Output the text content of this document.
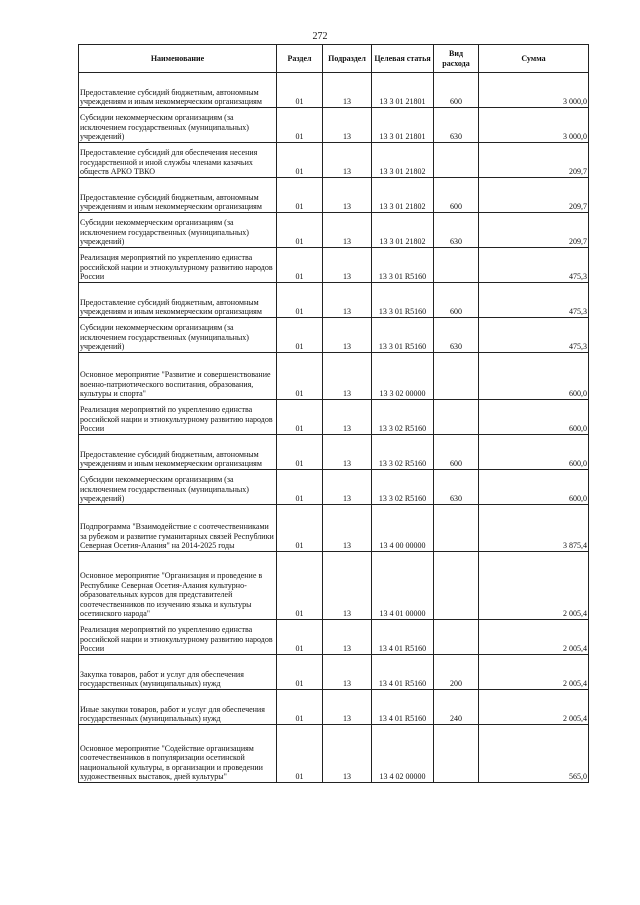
272
Наименование	Раздел	Подраздел	Целевая статья	Вид расхода	Сумма
Предоставление субсидий бюджетным, автономным учреждениям и иным некоммерческим организациям	01	13	13 3 01 21801	600	3 000,0
Субсидии некоммерческим организациям (за исключением государственных (муниципальных) учреждений)	01	13	13 3 01 21801	630	3 000,0
Предоставление субсидий для обеспечения несения государственной и иной службы членами казачьих обществ АРКО ТВКО	01	13	13 3 01 21802		209,7
Предоставление субсидий бюджетным, автономным учреждениям и иным некоммерческим организациям	01	13	13 3 01 21802	600	209,7
Субсидии некоммерческим организациям (за исключением государственных (муниципальных) учреждений)	01	13	13 3 01 21802	630	209,7
Реализация мероприятий по укреплению единства российской нации и этнокультурному развитию народов России	01	13	13 3 01 R5160		475,3
Предоставление субсидий бюджетным, автономным учреждениям и иным некоммерческим организациям	01	13	13 3 01 R5160	600	475,3
Субсидии некоммерческим организациям (за исключением государственных (муниципальных) учреждений)	01	13	13 3 01 R5160	630	475,3
Основное мероприятие "Развитие и совершенствование военно-патриотического воспитания, образования, культуры и спорта"	01	13	13 3 02 00000		600,0
Реализация мероприятий по укреплению единства российской нации и этнокультурному развитию народов России	01	13	13 3 02 R5160		600,0
Предоставление субсидий бюджетным, автономным учреждениям и иным некоммерческим организациям	01	13	13 3 02 R5160	600	600,0
Субсидии некоммерческим организациям (за исключением государственных (муниципальных) учреждений)	01	13	13 3 02 R5160	630	600,0
Подпрограмма "Взаимодействие с соотечественниками за рубежом и развитие гуманитарных связей Республики Северная Осетия-Алания" на 2014-2025 годы	01	13	13 4 00 00000		3 875,4
Основное мероприятие "Организация и проведение в Республике Северная Осетия-Алания культурно-образовательных курсов для представителей соотечественников по изучению языка и культуры осетинского народа"	01	13	13 4 01 00000		2 005,4
Реализация мероприятий по укреплению единства российской нации и этнокультурному развитию народов России	01	13	13 4 01 R5160		2 005,4
Закупка товаров, работ и услуг для обеспечения государственных (муниципальных) нужд	01	13	13 4 01 R5160	200	2 005,4
Иные закупки товаров, работ и услуг для обеспечения государственных (муниципальных) нужд	01	13	13 4 01 R5160	240	2 005,4
Основное мероприятие "Содействие организациям соотечественников в популяризации осетинской национальной культуры, в организации и проведении художественных выставок, дней культуры"	01	13	13 4 02 00000		565,0
